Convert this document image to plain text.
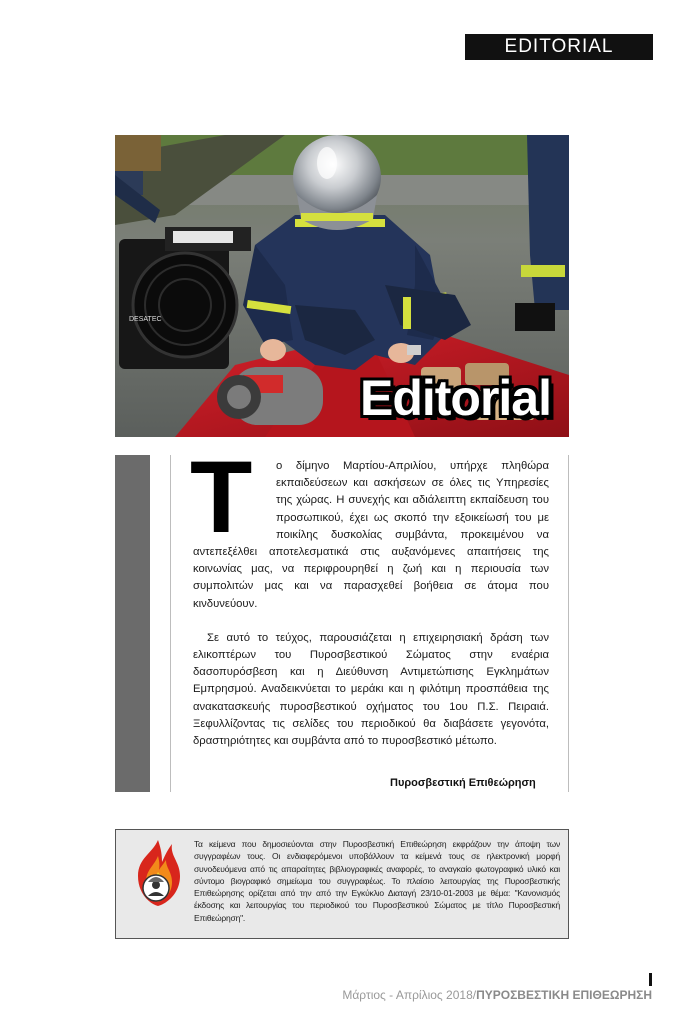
EDITORIAL
DESATEC
Editorial
T	ο δίμηνο Μαρτίου-Απριλίου, υπήρχε πληθώρα εκπαιδεύσεων και ασκήσεων σε όλες τις Υπηρεσίες της χώρας. Η συνεχής και αδιάλειπτη εκπαίδευση του προσωπικού, έχει ως σκοπό την εξοικείωσή του με ποικίλης δυσκολίας συμβάντα, προκειμένου να αντεπεξέλθει αποτελεσματικά στις αυξανόμενες απαιτήσεις της κοινωνίας μας, να περιφρουρηθεί η ζωή και η περιουσία των συμπολιτών μας και να παρασχεθεί βοήθεια σε άτομα που κινδυνεύουν.

Σε αυτό το τεύχος, παρουσιάζεται η επιχειρησιακή δράση των ελικοπτέρων του Πυροσβεστικού Σώματος στην εναέρια δασοπυρόσβεση και η Διεύθυνση Αντιμετώπισης Εγκλημάτων Εμπρησμού. Αναδεικνύεται το μεράκι και η φιλότιμη προσπάθεια της ανακατασκευής πυροσβεστικού οχήματος του 1ου Π.Σ. Πειραιά. Ξεφυλλίζοντας τις σελίδες του περιοδικού θα διαβάσετε γεγονότα, δραστηριότητες και συμβάντα από το πυροσβεστικό μέτωπο.

Πυροσβεστική Επιθεώρηση
Τα κείμενα που δημοσιεύονται στην Πυροσβεστική Επιθεώρηση εκφράζουν την άποψη των συγγραφέων τους. Οι ενδιαφερόμενοι υποβάλλουν τα κείμενά τους σε ηλεκτρονική μορφή συνοδευόμενα από τις απαραίτητες βιβλιογραφικές αναφορές, το αναγκαίο φωτογραφικό υλικό και σύντομο βιογραφικό σημείωμα του συγγραφέως. Το πλαίσιο λειτουργίας της Πυροσβεστικής Επιθεώρησης ορίζεται από την από την Εγκύκλιο Διαταγή 23/10-01-2003 με θέμα: "Κανονισμός έκδοσης και λειτουργίας του περιοδικού του Πυροσβεστικού Σώματος με τίτλο Πυροσβεστική Επιθεώρηση".
Μάρτιος - Απρίλιος 2018/ΠΥΡΟΣΒΕΣΤΙΚΗ ΕΠΙΘΕΩΡΗΣΗ
